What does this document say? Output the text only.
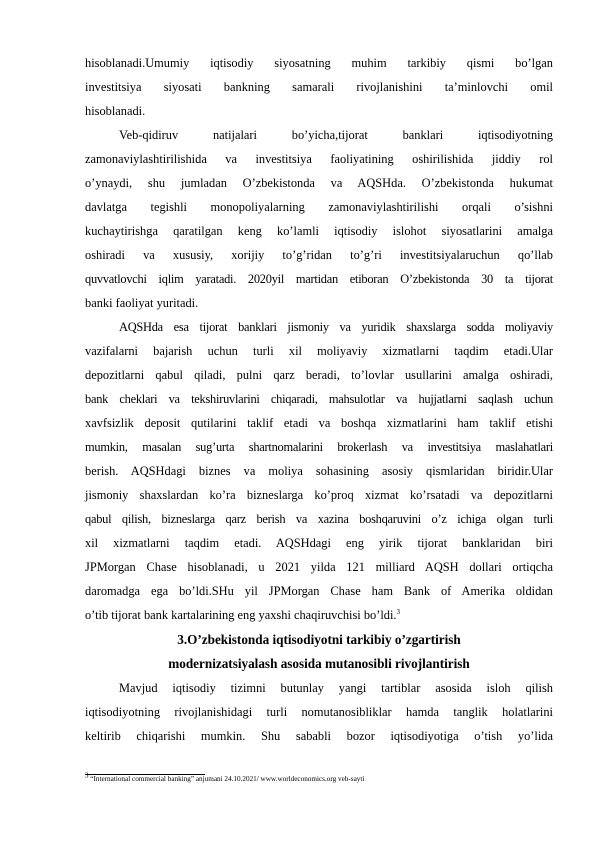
hisoblanadi.Umumiy iqtisodiy siyosatning muhim tarkibiy qismi bo’lgan
investitsiya siyosati bankning samarali rivojlanishini ta’minlovchi omil
hisoblanadi.
Veb-qidiruv natijalari bo’yicha,tijorat banklari iqtisodiyotning
zamonaviylashtirilishida va investitsiya faoliyatining oshirilishida jiddiy rol
o’ynaydi, shu jumladan O’zbekistonda va AQSHda. O’zbekistonda hukumat
davlatga tegishli monopoliyalarning zamonaviylashtirilishi orqali o’sishni
kuchaytirishga qaratilgan keng ko’lamli iqtisodiy islohot siyosatlarini amalga
oshiradi va xususiy, xorijiy to’g’ridan to’g’ri investitsiyalaruchun qo’llab
quvvatlovchi iqlim yaratadi. 2020yil martidan etiboran O’zbekistonda 30 ta tijorat
banki faoliyat yuritadi.
AQSHda esa tijorat banklari jismoniy va yuridik shaxslarga sodda moliyaviy
vazifalarni bajarish uchun turli xil moliyaviy xizmatlarni taqdim etadi.Ular
depozitlarni qabul qiladi, pulni qarz beradi, to’lovlar usullarini amalga oshiradi,
bank cheklari va tekshiruvlarini chiqaradi, mahsulotlar va hujjatlarni saqlash uchun
xavfsizlik deposit qutilarini taklif etadi va boshqa xizmatlarini ham taklif etishi
mumkin, masalan sug’urta shartnomalarini brokerlash va investitsiya maslahatlari
berish. AQSHdagi biznes va moliya sohasining asosiy qismlaridan biridir.Ular
jismoniy shaxslardan ko’ra bizneslarga ko’proq xizmat ko’rsatadi va depozitlarni
qabul qilish, bizneslarga qarz berish va xazina boshqaruvini o’z ichiga olgan turli
xil xizmatlarni taqdim etadi. AQSHdagi eng yirik tijorat banklaridan biri
JPMorgan Chase hisoblanadi, u 2021 yilda 121 milliard AQSH dollari ortiqcha
daromadga ega bo’ldi.SHu yil JPMorgan Chase ham Bank of Amerika oldidan
o’tib tijorat bank kartalarining eng yaxshi chaqiruvchisi bo’ldi.$^3$
3.O’zbekistonda iqtisodiyotni tarkibiy o’zgartirish
modernizatsiyalash asosida mutanosibli rivojlantirish
Mavjud iqtisodiy tizimni butunlay yangi tartiblar asosida isloh qilish
iqtisodiyotning rivojlanishidagi turli nomutanosibliklar hamda tanglik holatlarini
keltirib chiqarishi mumkin. Shu sababli bozor iqtisodiyotiga o’tish yo’lida
$^3$ “International commercial banking” anjumani 24.10.2021/ www.worldeconomics.org veb-sayti
